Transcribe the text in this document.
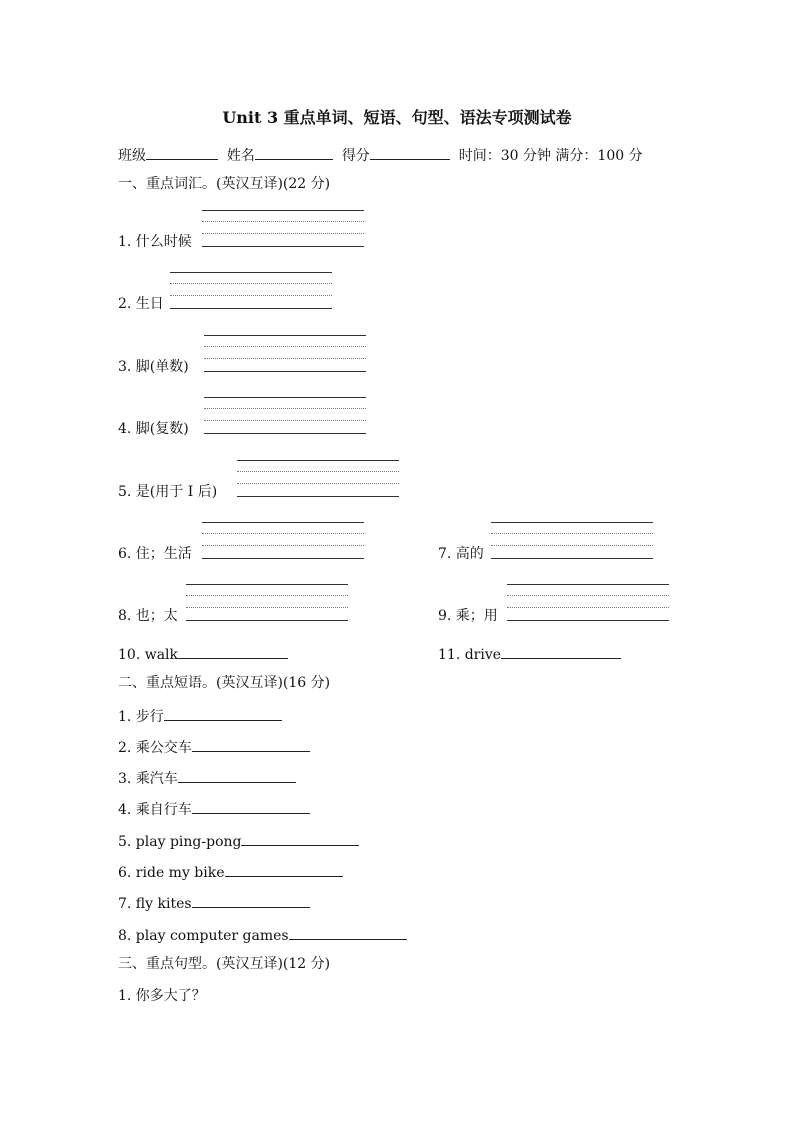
Unit 3 重点单词、短语、句型、语法专项测试卷
班级	姓名	得分	时间：30 分钟 满分：100 分
一、重点词汇。(英汉互译)(22 分)
1. 什么时候
2. 生日
3. 脚(单数)
4. 脚(复数)
5. 是(用于 I 后)
6. 住；生活	7. 高的
8. 也；太	9. 乘；用
10. walk	11. drive
二、重点短语。(英汉互译)(16 分)
1. 步行
2. 乘公交车
3. 乘汽车
4. 乘自行车
5. play ping-pong
6. ride my bike
7. fly kites
8. play computer games
三、重点句型。(英汉互译)(12 分)
1. 你多大了？
